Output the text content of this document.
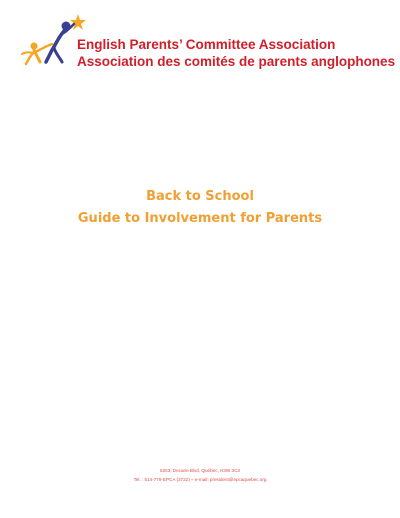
English Parents’ Committee Association
Association des comités de parents anglophones
Back to School
Guide to Involvement for Parents
5253, Decarie Blvd, Québec, H3W 3C3
Tel. : 514-778-EPCA (3722) – e-mail: president@epcaquebec.org
